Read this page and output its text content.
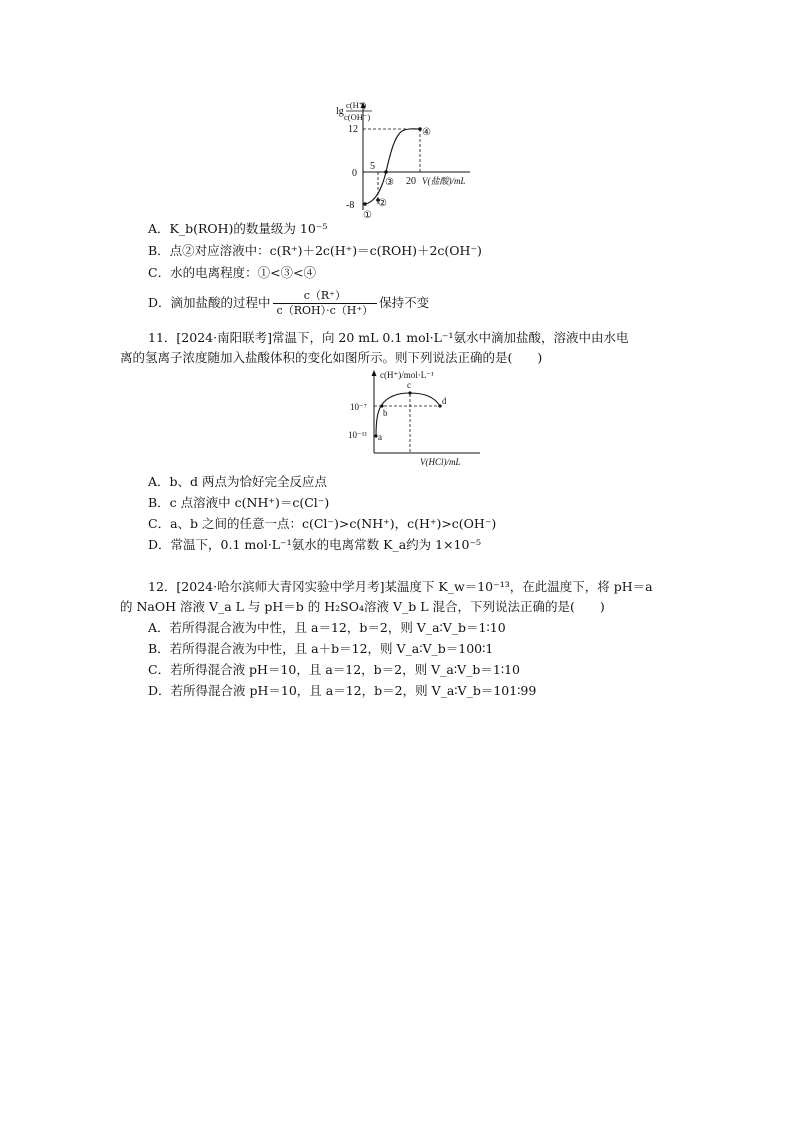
lg
c(H⁺)
c(OH⁻)
12
0
-8
5
20 V(盐酸)/mL
①
②
③
④
A．K_b(ROH)的数量级为 10⁻⁵
B．点②对应溶液中：c(R⁺)＋2c(H⁺)＝c(ROH)＋2c(OH⁻)
C．水的电离程度：①<③<④
D．滴加盐酸的过程中 $\frac{c(R^+)}{\text{c（ROH）·c（H⁺）}}$ 保持不变
11．[2024·南阳联考]常温下，向 20 mL 0.1 mol·L⁻¹氨水中滴加盐酸，溶液中由水电
离的氢离子浓度随加入盐酸体积的变化如图所示。则下列说法正确的是(　　)
c(H⁺)/mol·L⁻¹
10⁻⁷
10⁻¹¹
V(HCl)/mL
a
b
c
d
A．b、d 两点为恰好完全反应点
B．c 点溶液中 c(NH⁺)＝c(Cl⁻)
C．a、b 之间的任意一点：c(Cl⁻)>c(NH⁺)，c(H⁺)>c(OH⁻)
D．常温下，0.1 mol·L⁻¹氨水的电离常数 K_a约为 1×10⁻⁵
12．[2024·哈尔滨师大青冈实验中学月考]某温度下 K_w＝10⁻¹³，在此温度下，将 pH＝a
的 NaOH 溶液 V_a L 与 pH＝b 的 H₂SO₄溶液 V_b L 混合，下列说法正确的是(　　)
A．若所得混合液为中性，且 a＝12，b＝2，则 V_a∶V_b＝1∶10
B．若所得混合液为中性，且 a＋b＝12，则 V_a∶V_b＝100∶1
C．若所得混合液 pH＝10，且 a＝12，b＝2，则 V_a∶V_b＝1∶10
D．若所得混合液 pH＝10，且 a＝12，b＝2，则 V_a∶V_b＝101∶99
